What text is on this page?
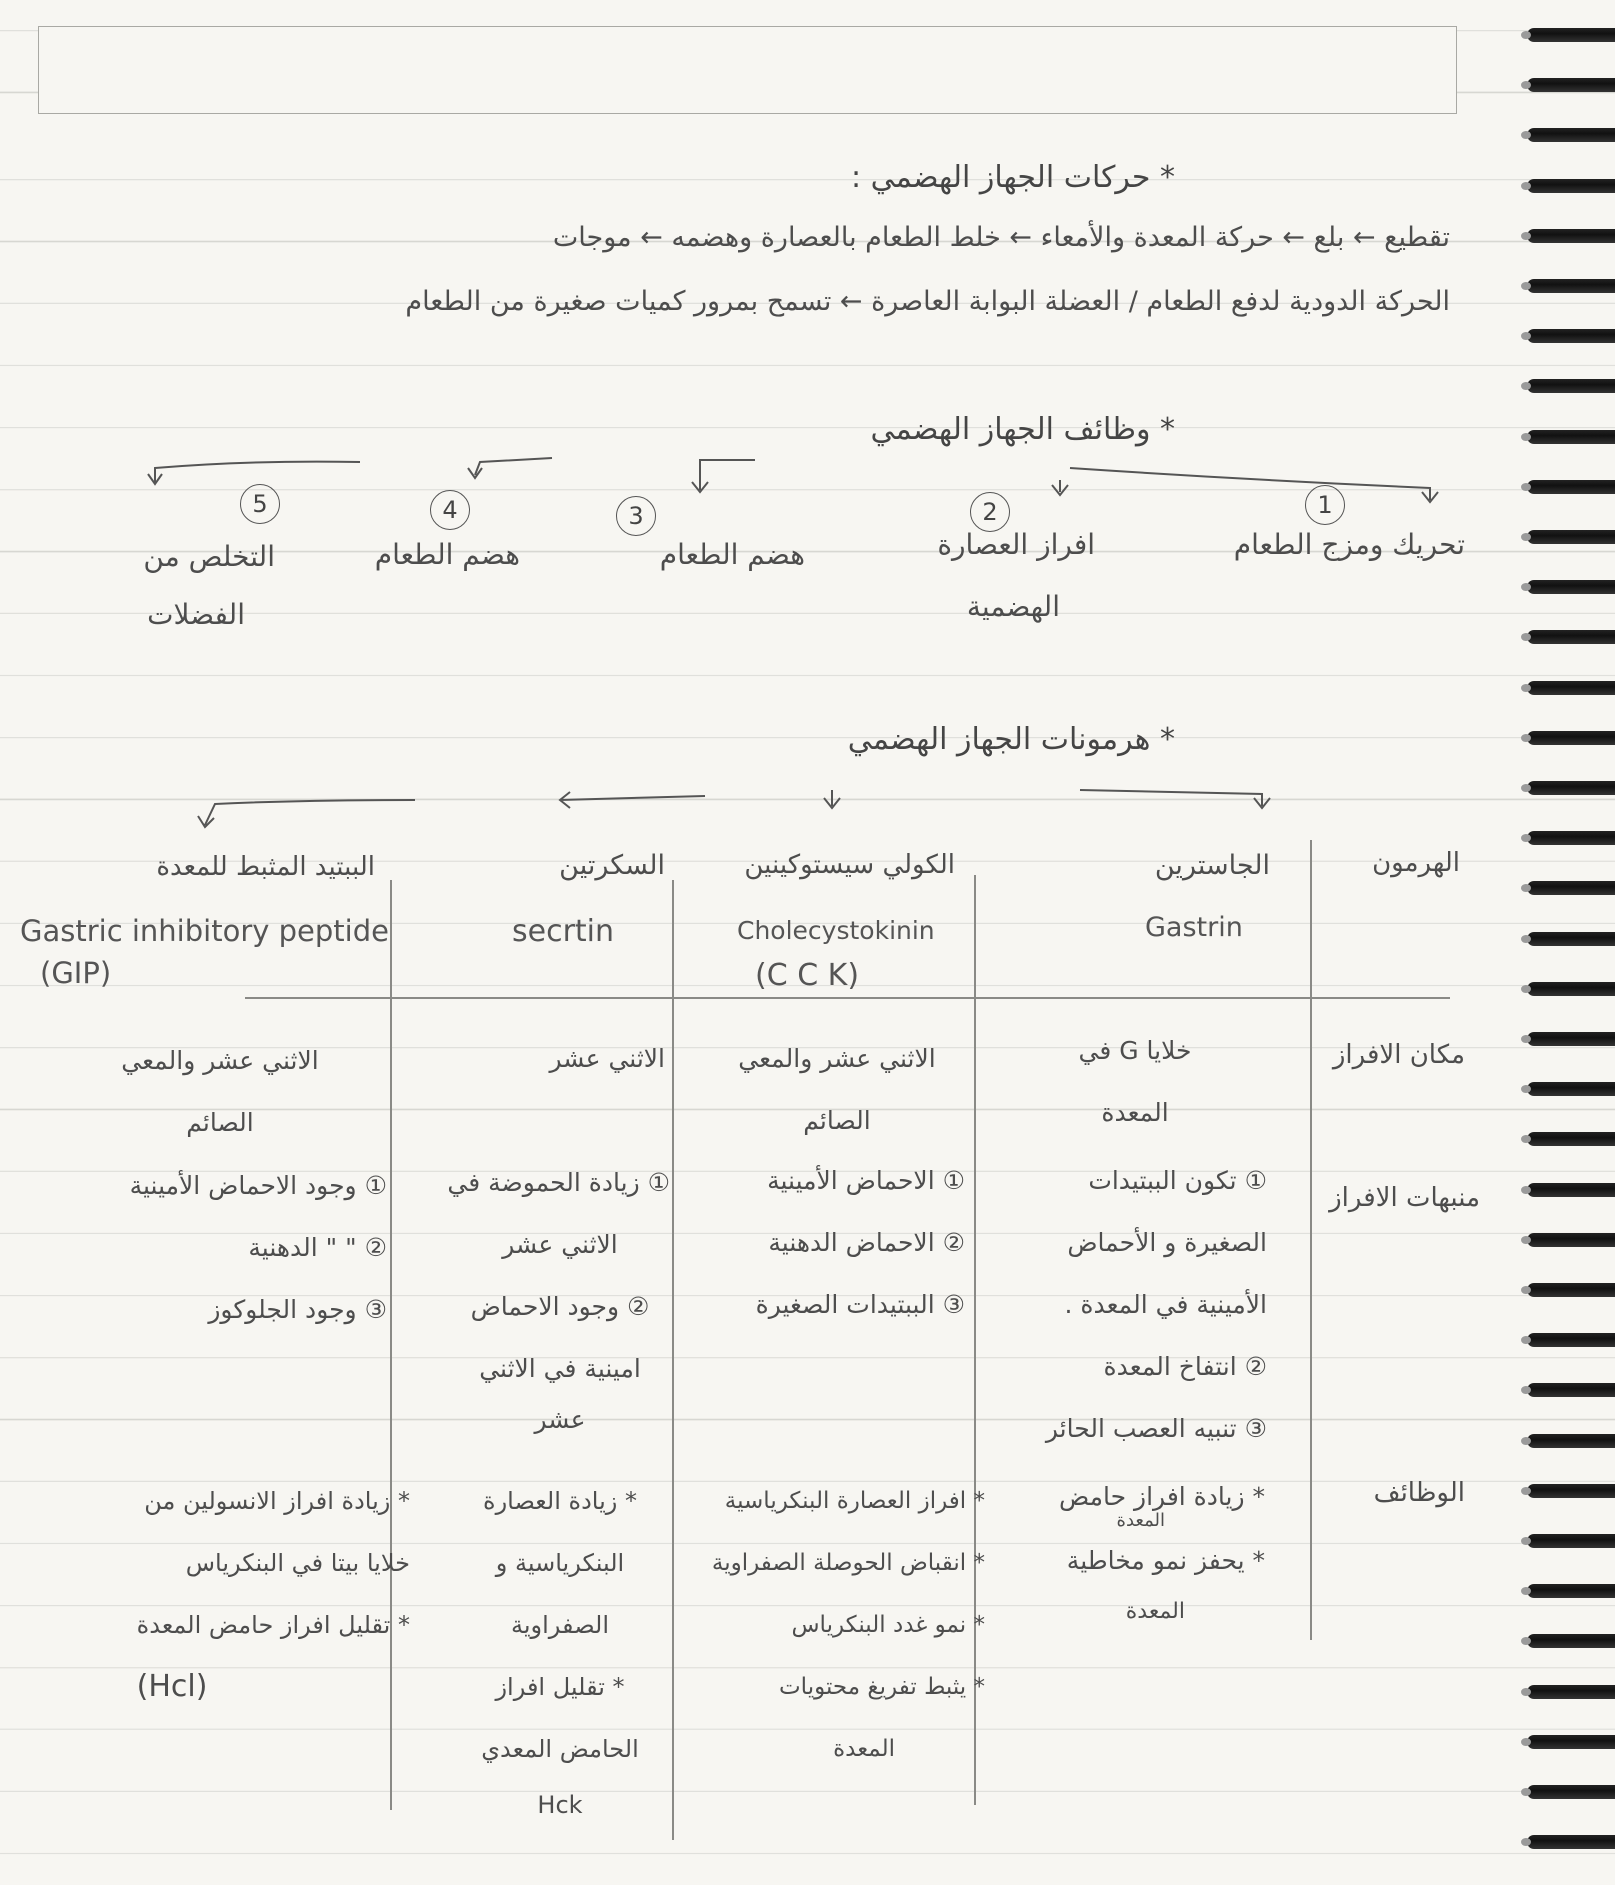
* حركات الجهاز الهضمي :
تقطيع ← بلع ← حركة المعدة والأمعاء ← خلط الطعام بالعصارة وهضمه ← موجات
الحركة الدودية لدفع الطعام / العضلة البوابة العاصرة ← تسمح بمرور كميات صغيرة من الطعام
* وظائف الجهاز الهضمي
1
تحريك ومزج الطعام
2
افراز العصارة
الهضمية
3
هضم الطعام
4
هضم الطعام
5
التخلص من
الفضلات
* هرمونات الجهاز الهضمي
الهرمون
مكان الافراز
منبهات الافراز
الوظائف
الجاسترين
Gastrin
خلايا G في
المعدة
① تكون الببتيدات
الصغيرة و الأحماض
الأمينية في المعدة .
② انتفاخ المعدة
③ تنبيه العصب الحائر
* زيادة افراز حامض
المعدة
* يحفز نمو مخاطية
المعدة
الكولي سيستوكينين
Cholecystokinin
(C C K)
الاثني عشر والمعي
الصائم
① الاحماض الأمينية
② الاحماض الدهنية
③ الببتيدات الصغيرة
* افراز العصارة البنكرياسية
* انقباض الحوصلة الصفراوية
* نمو غدد البنكرياس
* يثبط تفريغ محتويات
المعدة
السكرتين
secrtin
الاثني عشر
① زيادة الحموضة في
الاثني عشر
② وجود الاحماض
امينية في الاثني
عشر
* زيادة العصارة
البنكرياسية و
الصفراوية
* تقليل افراز
الحامض المعدي
Hck
الببتيد المثبط للمعدة
Gastric inhibitory peptide
(GIP)
الاثني عشر والمعي
الصائم
① وجود الاحماض الأمينية
② " " الدهنية
③ وجود الجلوكوز
* زيادة افراز الانسولين من
خلايا بيتا في البنكرياس
* تقليل افراز حامض المعدة
(Hcl)
